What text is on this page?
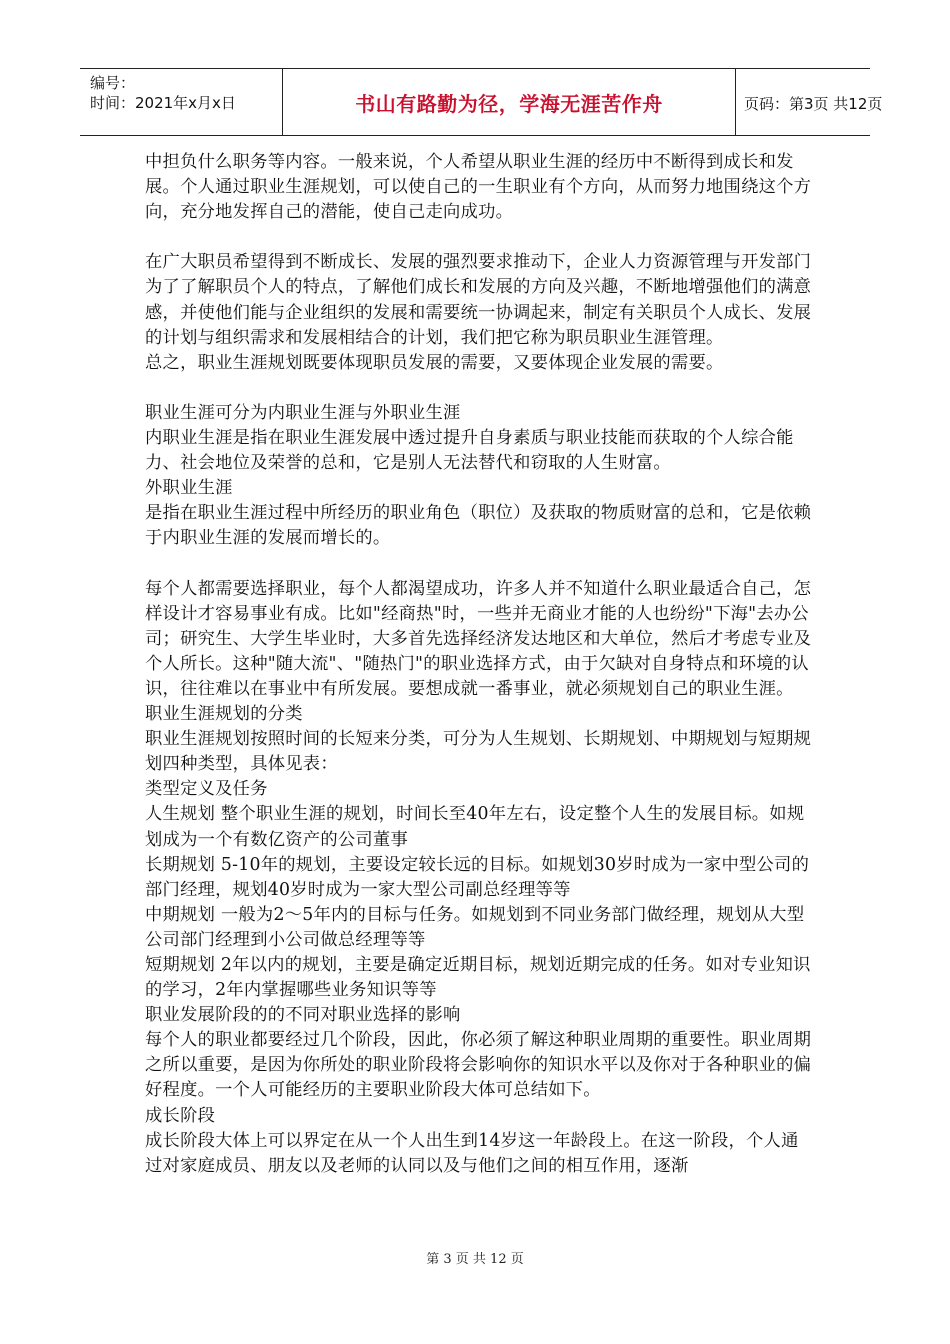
编号：
时间：2021年x月x日	书山有路勤为径，学海无涯苦作舟	页码：第3页 共12页

中担负什么职务等内容。一般来说，个人希望从职业生涯的经历中不断得到成长和发展。个人通过职业生涯规划，可以使自己的一生职业有个方向，从而努力地围绕这个方向，充分地发挥自己的潜能，使自己走向成功。

在广大职员希望得到不断成长、发展的强烈要求推动下，企业人力资源管理与开发部门为了了解职员个人的特点，了解他们成长和发展的方向及兴趣，不断地增强他们的满意感，并使他们能与企业组织的发展和需要统一协调起来，制定有关职员个人成长、发展的计划与组织需求和发展相结合的计划，我们把它称为职员职业生涯管理。

总之，职业生涯规划既要体现职员发展的需要，又要体现企业发展的需要。

职业生涯可分为内职业生涯与外职业生涯

内职业生涯是指在职业生涯发展中透过提升自身素质与职业技能而获取的个人综合能力、社会地位及荣誉的总和，它是别人无法替代和窃取的人生财富。

外职业生涯

是指在职业生涯过程中所经历的职业角色（职位）及获取的物质财富的总和，它是依赖于内职业生涯的发展而增长的。

每个人都需要选择职业，每个人都渴望成功，许多人并不知道什么职业最适合自己，怎样设计才容易事业有成。比如"经商热"时，一些并无商业才能的人也纷纷"下海"去办公司；研究生、大学生毕业时，大多首先选择经济发达地区和大单位，然后才考虑专业及个人所长。这种"随大流"、"随热门"的职业选择方式，由于欠缺对自身特点和环境的认识，往往难以在事业中有所发展。要想成就一番事业，就必须规划自己的职业生涯。

职业生涯规划的分类

职业生涯规划按照时间的长短来分类，可分为人生规划、长期规划、中期规划与短期规划四种类型，具体见表：

类型定义及任务

人生规划 整个职业生涯的规划，时间长至40年左右，设定整个人生的发展目标。如规划成为一个有数亿资产的公司董事

长期规划 5-10年的规划，主要设定较长远的目标。如规划30岁时成为一家中型公司的部门经理，规划40岁时成为一家大型公司副总经理等等

中期规划 一般为2～5年内的目标与任务。如规划到不同业务部门做经理，规划从大型公司部门经理到小公司做总经理等等

短期规划 2年以内的规划，主要是确定近期目标，规划近期完成的任务。如对专业知识的学习，2年内掌握哪些业务知识等等

职业发展阶段的的不同对职业选择的影响

每个人的职业都要经过几个阶段，因此，你必须了解这种职业周期的重要性。职业周期之所以重要，是因为你所处的职业阶段将会影响你的知识水平以及你对于各种职业的偏好程度。一个人可能经历的主要职业阶段大体可总结如下。

成长阶段

成长阶段大体上可以界定在从一个人出生到14岁这一年龄段上。在这一阶段，个人通过对家庭成员、朋友以及老师的认同以及与他们之间的相互作用，逐渐

第 3 页 共 12 页
